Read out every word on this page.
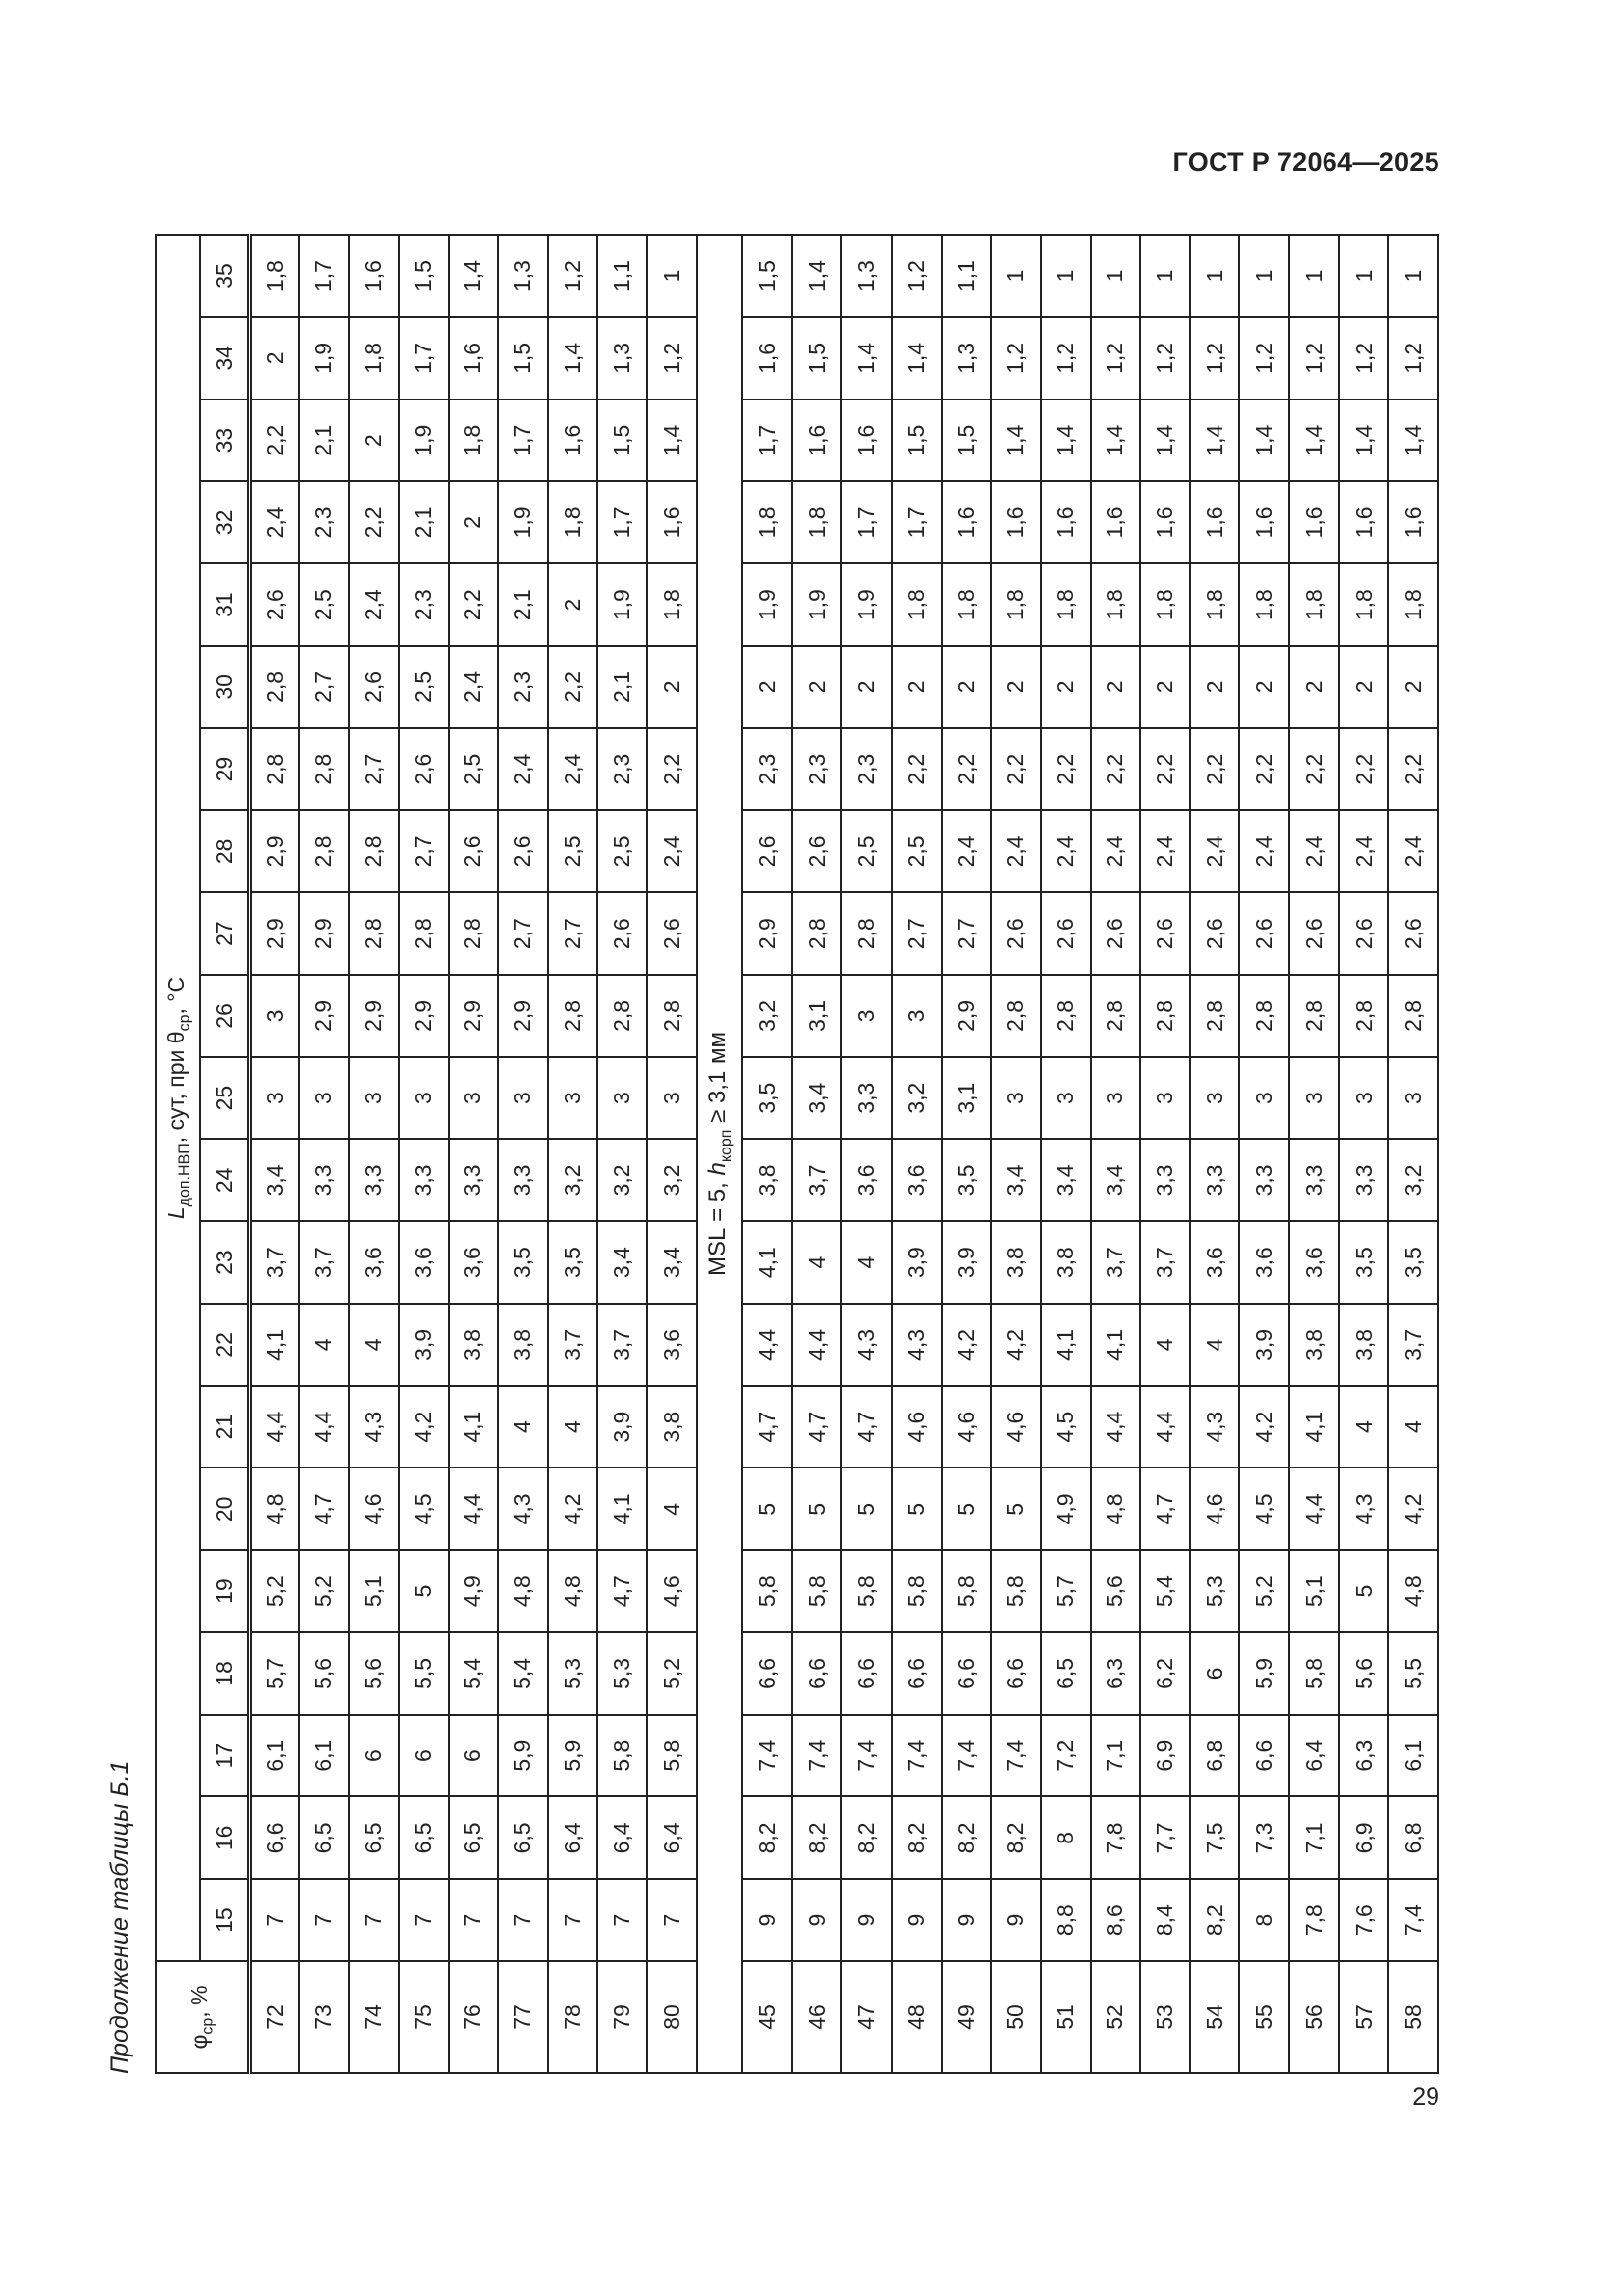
ГОСТ Р 72064—2025
Продолжение таблицы Б.1 $\varphi_{ср}$, %	$L_{доп.НВП}$, сут, при $\theta_{ср}$, °C																				
	15	16	17	18	19	20	21	22	23	24	25	26	27	28	29	30	31	32	33	34	35
72	7	6,6	6,1	5,7	5,2	4,8	4,4	4,1	3,7	3,4	3	3	2,9	2,9	2,8	2,8	2,6	2,4	2,2	2	1,8
73	7	6,5	6,1	5,6	5,2	4,7	4,4	4	3,7	3,3	3	2,9	2,9	2,8	2,8	2,7	2,5	2,3	2,1	1,9	1,7
74	7	6,5	6	5,6	5,1	4,6	4,3	4	3,6	3,3	3	2,9	2,8	2,8	2,7	2,6	2,4	2,2	2	1,8	1,6
75	7	6,5	6	5,5	5	4,5	4,2	3,9	3,6	3,3	3	2,9	2,8	2,7	2,6	2,5	2,3	2,1	1,9	1,7	1,5
76	7	6,5	6	5,4	4,9	4,4	4,1	3,8	3,6	3,3	3	2,9	2,8	2,6	2,5	2,4	2,2	2	1,8	1,6	1,4
77	7	6,5	5,9	5,4	4,8	4,3	4	3,8	3,5	3,3	3	2,9	2,7	2,6	2,4	2,3	2,1	1,9	1,7	1,5	1,3
78	7	6,4	5,9	5,3	4,8	4,2	4	3,7	3,5	3,2	3	2,8	2,7	2,5	2,4	2,2	2	1,8	1,6	1,4	1,2
79	7	6,4	5,8	5,3	4,7	4,1	3,9	3,7	3,4	3,2	3	2,8	2,6	2,5	2,3	2,1	1,9	1,7	1,5	1,3	1,1
80	7	6,4	5,8	5,2	4,6	4	3,8	3,6	3,4	3,2	3	2,8	2,6	2,4	2,2	2	1,8	1,6	1,4	1,2	1
MSL = 5, $h_{корп} \ge 3,1$ мм																					
45	9	8,2	7,4	6,6	5,8	5	4,7	4,4	4,1	3,8	3,5	3,2	2,9	2,6	2,3	2	1,9	1,8	1,7	1,6	1,5
46	9	8,2	7,4	6,6	5,8	5	4,7	4,4	4	3,7	3,4	3,1	2,8	2,6	2,3	2	1,9	1,8	1,6	1,5	1,4
47	9	8,2	7,4	6,6	5,8	5	4,7	4,3	4	3,6	3,3	3	2,8	2,5	2,3	2	1,9	1,7	1,6	1,4	1,3
48	9	8,2	7,4	6,6	5,8	5	4,6	4,3	3,9	3,6	3,2	3	2,7	2,5	2,2	2	1,8	1,7	1,5	1,4	1,2
49	9	8,2	7,4	6,6	5,8	5	4,6	4,2	3,9	3,5	3,1	2,9	2,7	2,4	2,2	2	1,8	1,6	1,5	1,3	1,1
50	9	8,2	7,4	6,6	5,8	5	4,6	4,2	3,8	3,4	3	2,8	2,6	2,4	2,2	2	1,8	1,6	1,4	1,2	1
51	8,8	8	7,2	6,5	5,7	4,9	4,5	4,1	3,8	3,4	3	2,8	2,6	2,4	2,2	2	1,8	1,6	1,4	1,2	1
52	8,6	7,8	7,1	6,3	5,6	4,8	4,4	4,1	3,7	3,4	3	2,8	2,6	2,4	2,2	2	1,8	1,6	1,4	1,2	1
53	8,4	7,7	6,9	6,2	5,4	4,7	4,4	4	3,7	3,3	3	2,8	2,6	2,4	2,2	2	1,8	1,6	1,4	1,2	1
54	8,2	7,5	6,8	6	5,3	4,6	4,3	4	3,6	3,3	3	2,8	2,6	2,4	2,2	2	1,8	1,6	1,4	1,2	1
55	8	7,3	6,6	5,9	5,2	4,5	4,2	3,9	3,6	3,3	3	2,8	2,6	2,4	2,2	2	1,8	1,6	1,4	1,2	1
56	7,8	7,1	6,4	5,8	5,1	4,4	4,1	3,8	3,6	3,3	3	2,8	2,6	2,4	2,2	2	1,8	1,6	1,4	1,2	1
57	7,6	6,9	6,3	5,6	5	4,3	4	3,8	3,5	3,3	3	2,8	2,6	2,4	2,2	2	1,8	1,6	1,4	1,2	1
58	7,4	6,8	6,1	5,5	4,8	4,2	4	3,7	3,5	3,2	3	2,8	2,6	2,4	2,2	2	1,8	1,6	1,4	1,2	1
29
